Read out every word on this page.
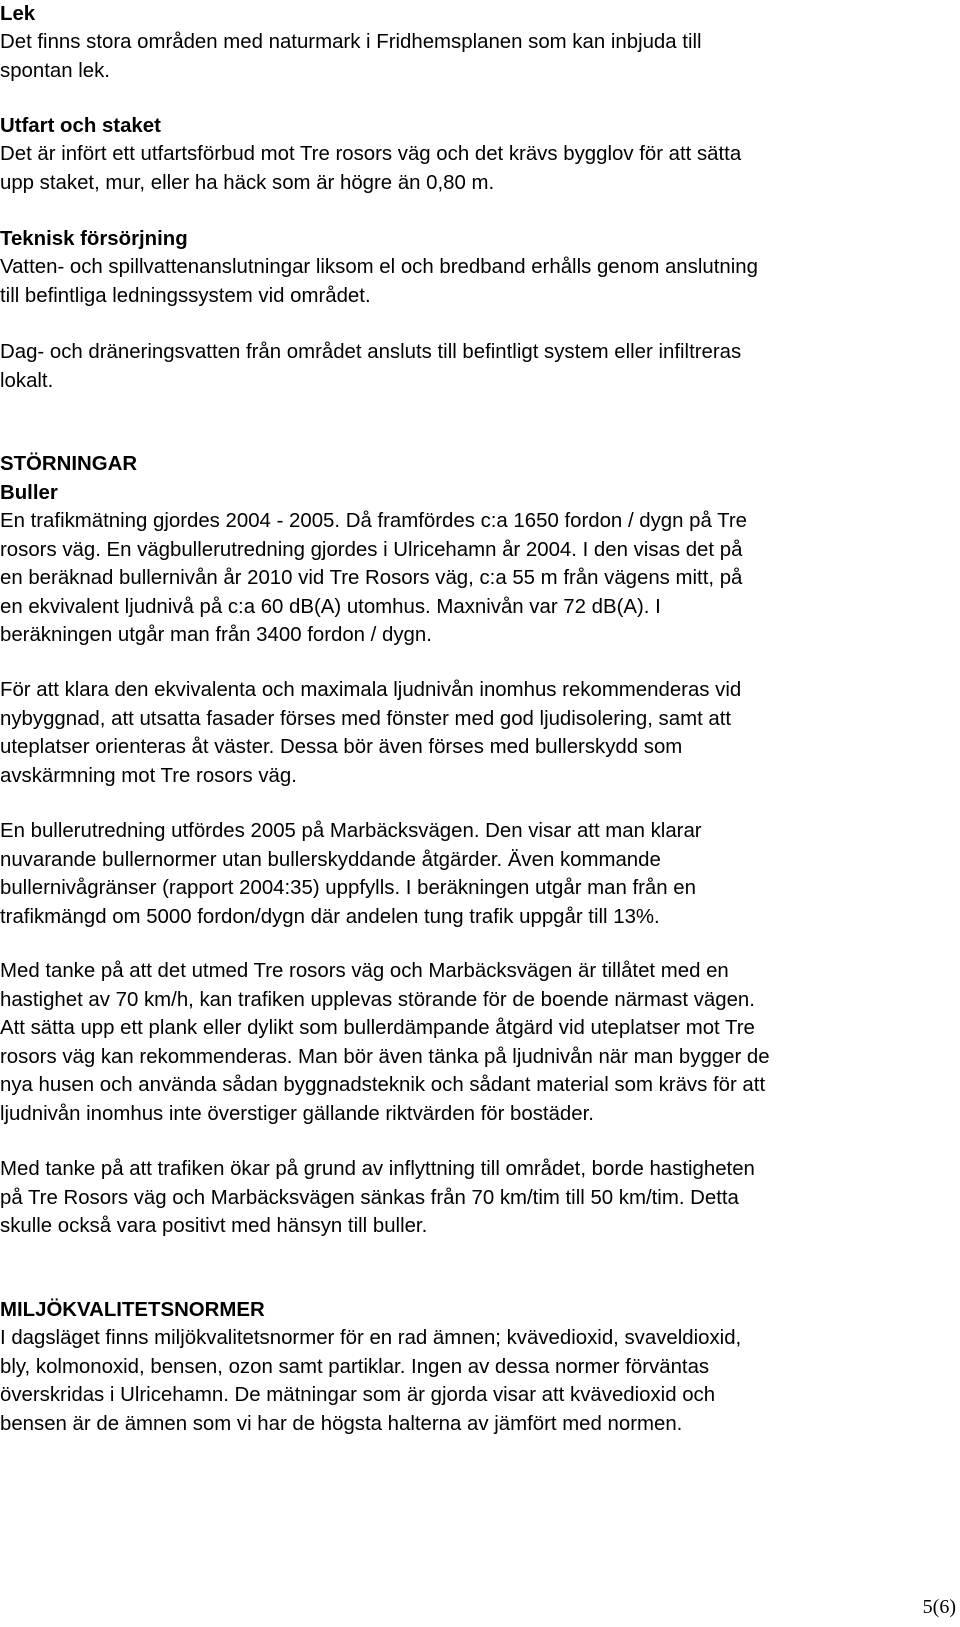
Lek
Det finns stora områden med naturmark i Fridhemsplanen som kan inbjuda till
spontan lek.
Utfart och staket
Det är infört ett utfartsförbud mot Tre rosors väg och det krävs bygglov för att sätta
upp staket, mur, eller ha häck som är högre än 0,80 m.
Teknisk försörjning
Vatten- och spillvattenanslutningar liksom el och bredband erhålls genom anslutning
till befintliga ledningssystem vid området.
Dag- och dräneringsvatten från området ansluts till befintligt system eller infiltreras
lokalt.
STÖRNINGAR
Buller
En trafikmätning gjordes 2004 - 2005. Då framfördes c:a 1650 fordon / dygn på Tre
rosors väg. En vägbullerutredning gjordes i Ulricehamn år 2004. I den visas det på
en beräknad bullernivån år 2010 vid Tre Rosors väg, c:a 55 m från vägens mitt, på
en ekvivalent ljudnivå på c:a 60 dB(A) utomhus. Maxnivån var 72 dB(A). I
beräkningen utgår man från 3400 fordon / dygn.
För att klara den ekvivalenta och maximala ljudnivån inomhus rekommenderas vid
nybyggnad, att utsatta fasader förses med fönster med god ljudisolering, samt att
uteplatser orienteras åt väster. Dessa bör även förses med bullerskydd som
avskärmning mot Tre rosors väg.
En bullerutredning utfördes 2005 på Marbäcksvägen. Den visar att man klarar
nuvarande bullernormer utan bullerskyddande åtgärder. Även kommande
bullernivågränser (rapport 2004:35) uppfylls. I beräkningen utgår man från en
trafikmängd om 5000 fordon/dygn där andelen tung trafik uppgår till 13%.
Med tanke på att det utmed Tre rosors väg och Marbäcksvägen är tillåtet med en
hastighet av 70 km/h, kan trafiken upplevas störande för de boende närmast vägen.
Att sätta upp ett plank eller dylikt som bullerdämpande åtgärd vid uteplatser mot Tre
rosors väg kan rekommenderas. Man bör även tänka på ljudnivån när man bygger de
nya husen och använda sådan byggnadsteknik och sådant material som krävs för att
ljudnivån inomhus inte överstiger gällande riktvärden för bostäder.
Med tanke på att trafiken ökar på grund av inflyttning till området, borde hastigheten
på Tre Rosors väg och Marbäcksvägen sänkas från 70 km/tim till 50 km/tim. Detta
skulle också vara positivt med hänsyn till buller.
MILJÖKVALITETSNORMER
I dagsläget finns miljökvalitetsnormer för en rad ämnen; kvävedioxid, svaveldioxid,
bly, kolmonoxid, bensen, ozon samt partiklar. Ingen av dessa normer förväntas
överskridas i Ulricehamn. De mätningar som är gjorda visar att kvävedioxid och
bensen är de ämnen som vi har de högsta halterna av jämfört med normen.
5(6)
